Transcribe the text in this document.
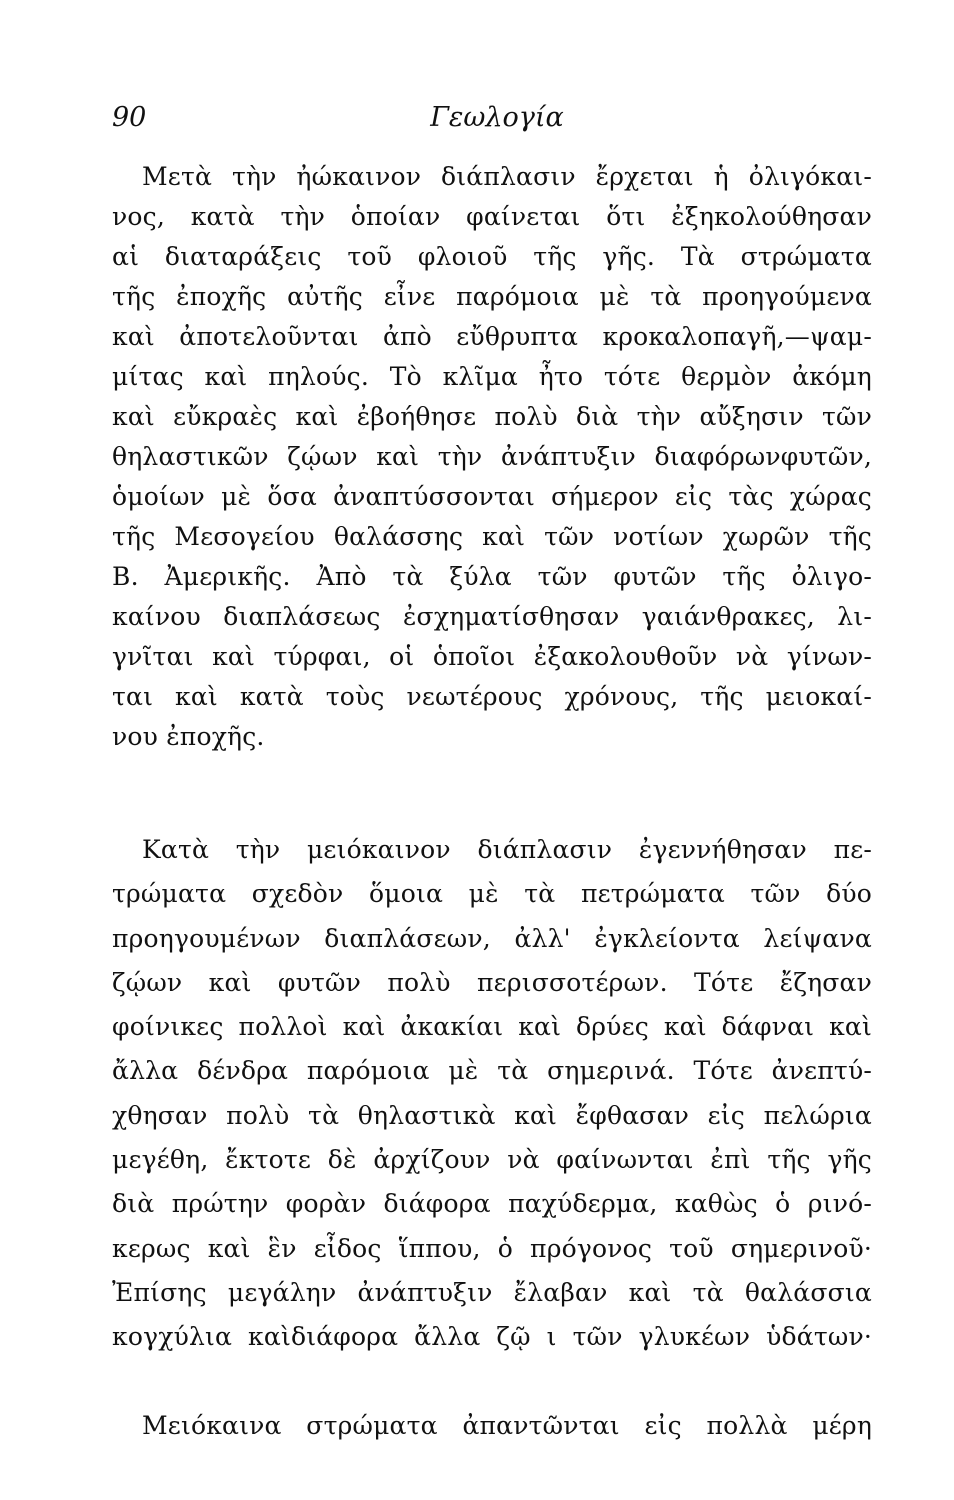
90	Γεωλογία
Μετὰ τὴν ἠώκαινον διάπλασιν ἔρχεται ἡ ὀλιγόκαι-
νος, κατὰ τὴν ὁποίαν φαίνεται ὅτι ἐξηκολούθησαν
αἱ διαταράξεις τοῦ φλοιοῦ τῆς γῆς. Τὰ στρώματα
τῆς ἐποχῆς αὐτῆς εἶνε παρόμοια μὲ τὰ προηγούμενα
καὶ ἀποτελοῦνται ἀπὸ εὔθρυπτα κροκαλοπαγῆ,—ψαμ-
μίτας καὶ πηλούς. Τὸ κλῖμα ἦτο τότε θερμὸν ἀκόμη
καὶ εὔκραὲς καὶ ἐβοήθησε πολὺ διὰ τὴν αὔξησιν τῶν
θηλαστικῶν ζῴων καὶ τὴν ἀνάπτυξιν διαφόρωνφυτῶν,
ὁμοίων μὲ ὅσα ἀναπτύσσονται σήμερον εἰς τὰς χώρας
τῆς Μεσογείου θαλάσσης καὶ τῶν νοτίων χωρῶν τῆς
Β. Ἀμερικῆς. Ἀπὸ τὰ ξύλα τῶν φυτῶν τῆς ὀλιγο-
καίνου διαπλάσεως ἐσχηματίσθησαν γαιάνθρακες, λι-
γνῖται καὶ τύρφαι, οἱ ὁποῖοι ἐξακολουθοῦν νὰ γίνων-
ται καὶ κατὰ τοὺς νεωτέρους χρόνους, τῆς μειοκαί-
νου ἐποχῆς.
Κατὰ τὴν μειόκαινον διάπλασιν ἐγεννήθησαν πε-
τρώματα σχεδὸν ὅμοια μὲ τὰ πετρώματα τῶν δύο
προηγουμένων διαπλάσεων, ἀλλ' ἐγκλείοντα λείψανα
ζῴων καὶ φυτῶν πολὺ περισσοτέρων. Τότε ἔζησαν
φοίνικες πολλοὶ καὶ ἀκακίαι καὶ δρύες καὶ δάφναι καὶ
ἄλλα δένδρα παρόμοια μὲ τὰ σημερινά. Τότε ἀνεπτύ-
χθησαν πολὺ τὰ θηλαστικὰ καὶ ἔφθασαν εἰς πελώρια
μεγέθη, ἔκτοτε δὲ ἀρχίζουν νὰ φαίνωνται ἐπὶ τῆς γῆς
διὰ πρώτην φορὰν διάφορα παχύδερμα, καθὼς ὁ ρινό-
κερως καὶ ἓν εἶδος ἵππου, ὁ πρόγονος τοῦ σημερινοῦ·
Ἐπίσης μεγάλην ἀνάπτυξιν ἔλαβαν καὶ τὰ θαλάσσια
κογχύλια καὶδιάφορα ἄλλα ζῷ ι τῶν γλυκέων ὑδάτων·
Μειόκαινα στρώματα ἀπαντῶνται εἰς πολλὰ μέρη
